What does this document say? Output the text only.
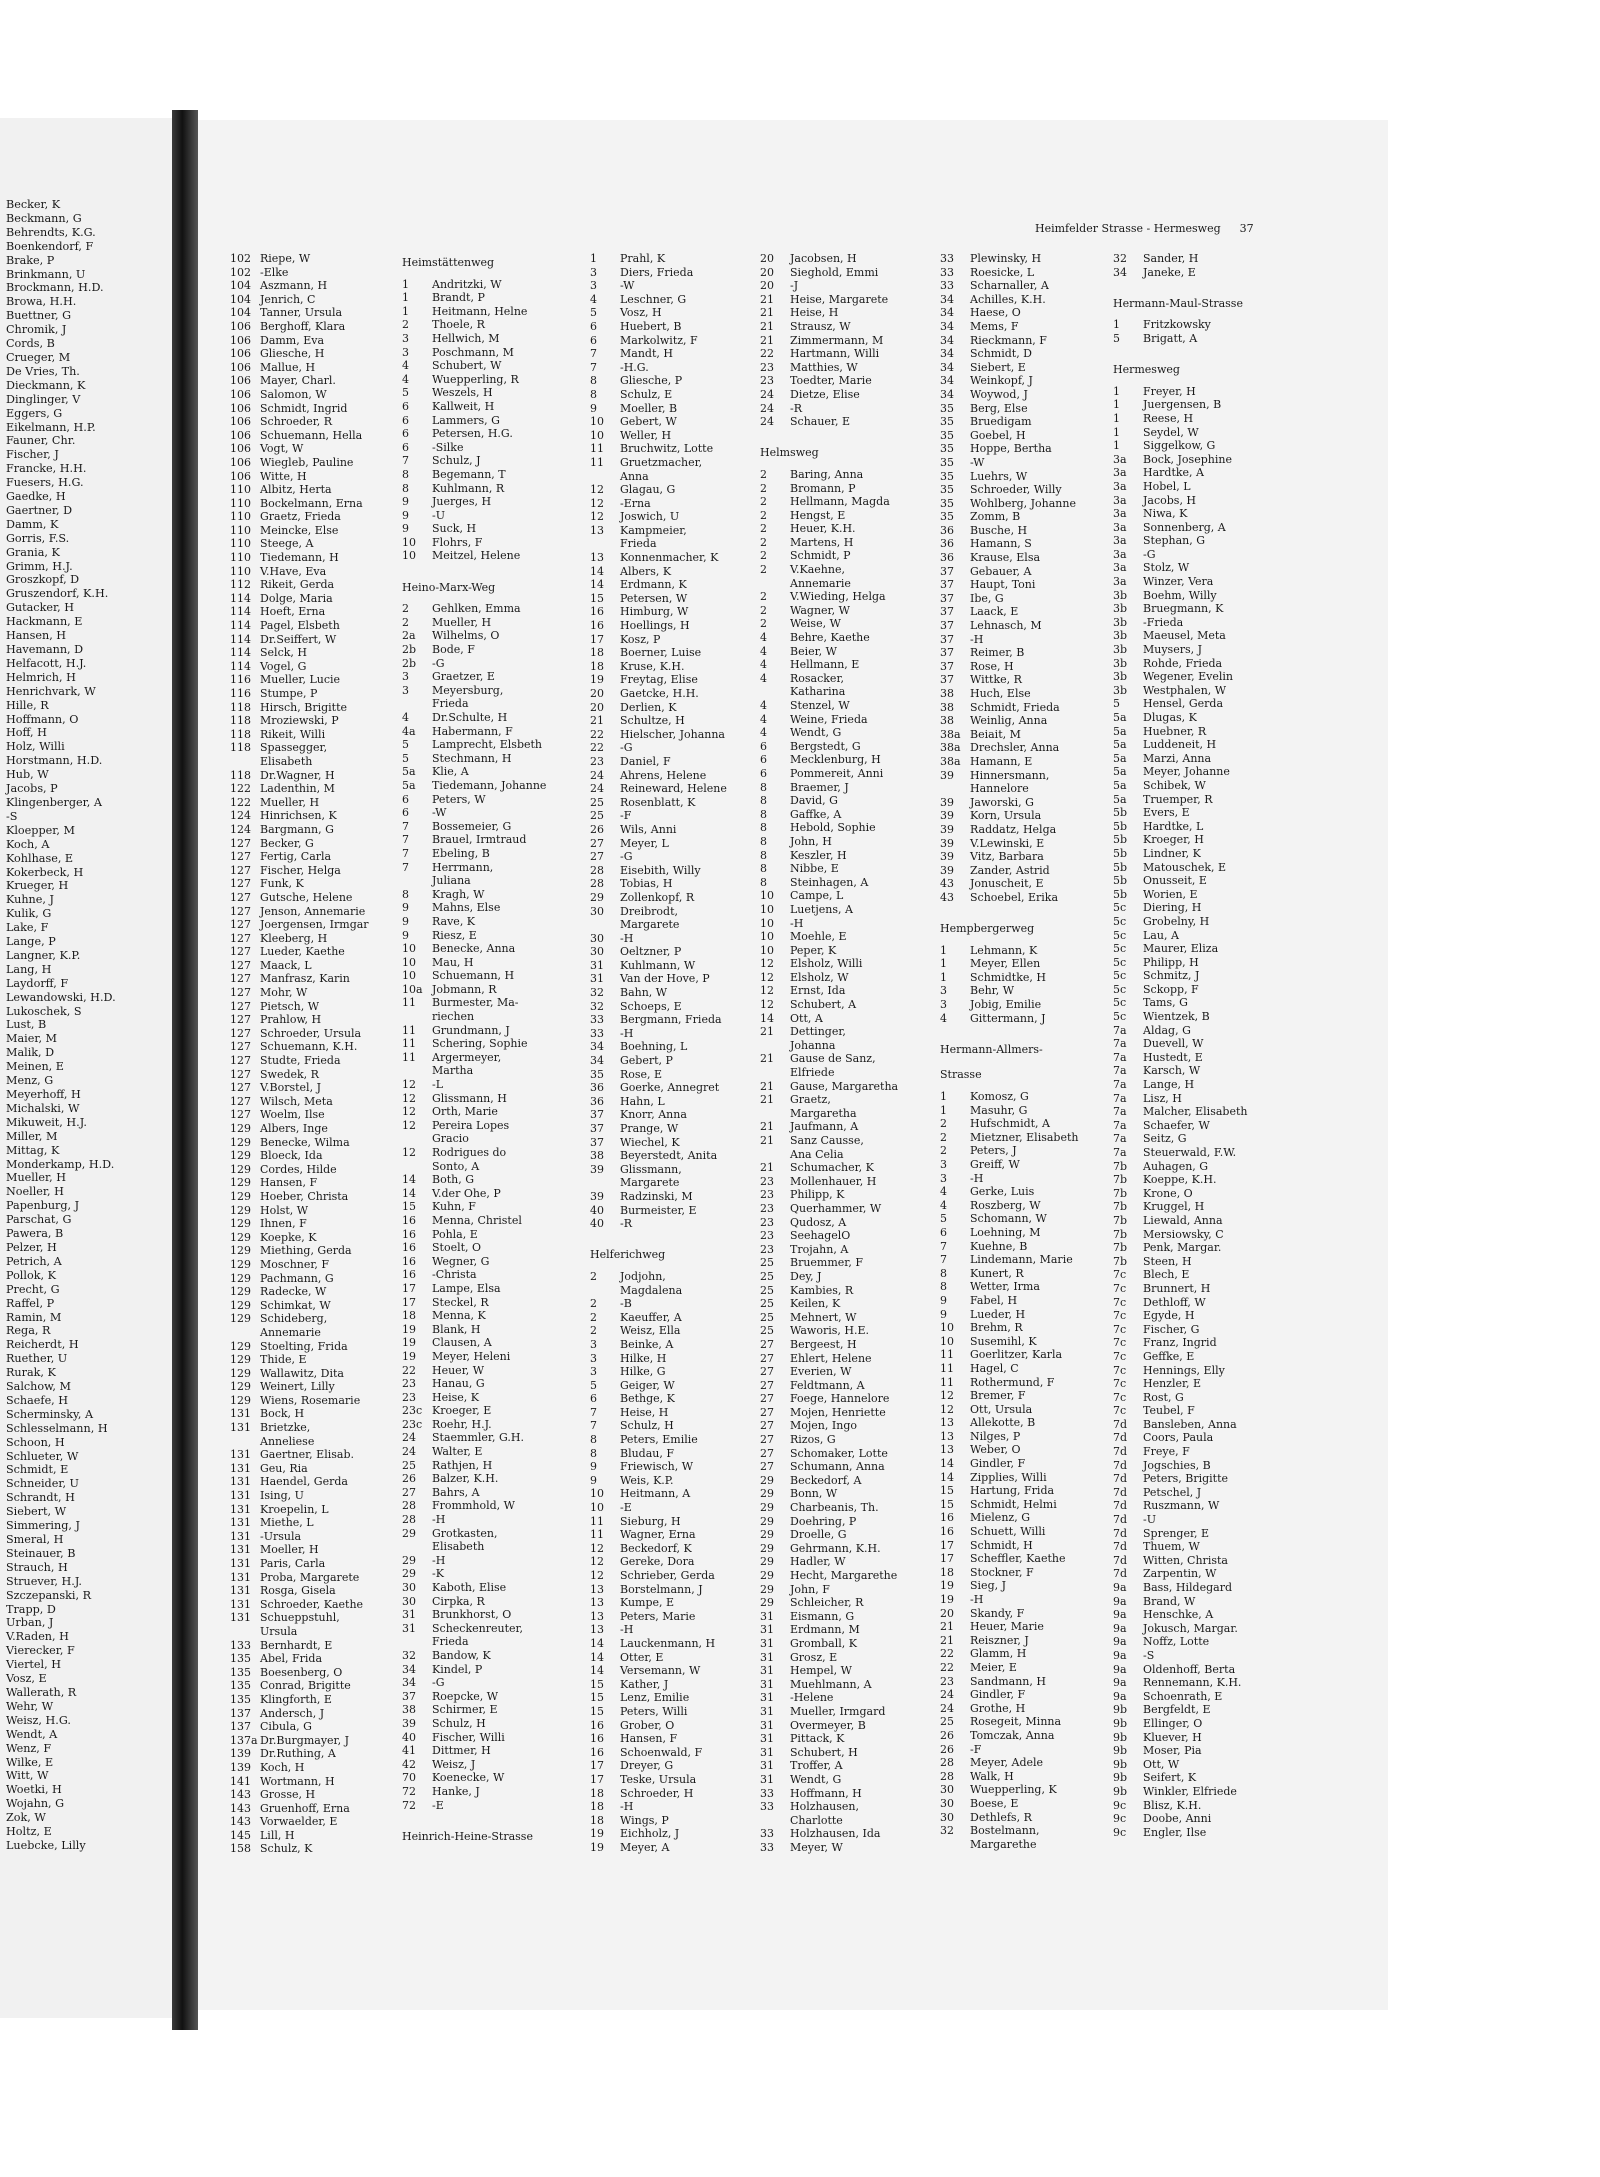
Becker, K
Beckmann, G
Behrendts, K.G.
Boenkendorf, F
Brake, P
Brinkmann, U
Brockmann, H.D.
Browa, H.H.
Buettner, G
Chromik, J
Cords, B
Crueger, M
De Vries, Th.
Dieckmann, K
Dinglinger, V
Eggers, G
Eikelmann, H.P.
Fauner, Chr.
Fischer, J
Francke, H.H.
Fuesers, H.G.
Gaedke, H
Gaertner, D
Damm, K
Gorris, F.S.
Grania, K
Grimm, H.J.
Groszkopf, D
Gruszendorf, K.H.
Gutacker, H
Hackmann, E
Hansen, H
Havemann, D
Helfacott, H.J.
Helmrich, H
Henrichvark, W
Hille, R
Hoffmann, O
Hoff, H
Holz, Willi
Horstmann, H.D.
Hub, W
Jacobs, P
Klingenberger, A
-S
Kloepper, M
Koch, A
Kohlhase, E
Kokerbeck, H
Krueger, H
Kuhne, J
Kulik, G
Lake, F
Lange, P
Langner, K.P.
Lang, H
Laydorff, F
Lewandowski, H.D.
Lukoschek, S
Lust, B
Maier, M
Malik, D
Meinen, E
Menz, G
Meyerhoff, H
Michalski, W
Mikuweit, H.J.
Miller, M
Mittag, K
Monderkamp, H.D.
Mueller, H
Noeller, H
Papenburg, J
Parschat, G
Pawera, B
Pelzer, H
Petrich, A
Pollok, K
Precht, G
Raffel, P
Ramin, M
Rega, R
Reicherdt, H
Ruether, U
Rurak, K
Salchow, M
Schaefe, H
Scherminsky, A
Schlesselmann, H
Schoon, H
Schlueter, W
Schmidt, E
Schneider, U
Schrandt, H
Siebert, W
Simmering, J
Smeral, H
Steinauer, B
Strauch, H
Struever, H.J.
Szczepanski, R
Trapp, D
Urban, J
V.Raden, H
Vierecker, F
Viertel, H
Vosz, E
Wallerath, R
Wehr, W
Weisz, H.G.
Wendt, A
Wenz, F
Wilke, E
Witt, W
Woetki, H
Wojahn, G
Zok, W
Holtz, E
Luebcke, Lilly
Heimfelder Strasse - Hermesweg 37
102 Riepe, W
102 -Elke
104 Aszmann, H
104 Jenrich, C
104 Tanner, Ursula
106 Berghoff, Klara
106 Damm, Eva
106 Gliesche, H
106 Mallue, H
106 Mayer, Charl.
106 Salomon, W
106 Schmidt, Ingrid
106 Schroeder, R
106 Schuemann, Hella
106 Vogt, W
106 Wiegleb, Pauline
106 Witte, H
110 Albitz, Herta
110 Bockelmann, Erna
110 Graetz, Frieda
110 Meincke, Else
110 Steege, A
110 Tiedemann, H
110 V.Have, Eva
112 Rikeit, Gerda
114 Dolge, Maria
114 Hoeft, Erna
114 Pagel, Elsbeth
114 Dr.Seiffert, W
114 Selck, H
114 Vogel, G
116 Mueller, Lucie
116 Stumpe, P
118 Hirsch, Brigitte
118 Mroziewski, P
118 Rikeit, Willi
118 Spassegger,
Elisabeth
118 Dr.Wagner, H
122 Ladenthin, M
122 Mueller, H
124 Hinrichsen, K
124 Bargmann, G
127 Becker, G
127 Fertig, Carla
127 Fischer, Helga
127 Funk, K
127 Gutsche, Helene
127 Jenson, Annemarie
127 Joergensen, Irmgar
127 Kleeberg, H
127 Lueder, Kaethe
127 Maack, L
127 Manfrasz, Karin
127 Mohr, W
127 Pietsch, W
127 Prahlow, H
127 Schroeder, Ursula
127 Schuemann, K.H.
127 Studte, Frieda
127 Swedek, R
127 V.Borstel, J
127 Wilsch, Meta
127 Woelm, Ilse
129 Albers, Inge
129 Benecke, Wilma
129 Bloeck, Ida
129 Cordes, Hilde
129 Hansen, F
129 Hoeber, Christa
129 Holst, W
129 Ihnen, F
129 Koepke, K
129 Miething, Gerda
129 Moschner, F
129 Pachmann, G
129 Radecke, W
129 Schimkat, W
129 Schideberg,
Annemarie
129 Stoelting, Frida
129 Thide, E
129 Wallawitz, Dita
129 Weinert, Lilly
129 Wiens, Rosemarie
131 Bock, H
131 Brietzke,
Anneliese
131 Gaertner, Elisab.
131 Geu, Ria
131 Haendel, Gerda
131 Ising, U
131 Kroepelin, L
131 Miethe, L
131 -Ursula
131 Moeller, H
131 Paris, Carla
131 Proba, Margarete
131 Rosga, Gisela
131 Schroeder, Kaethe
131 Schueppstuhl,
Ursula
133 Bernhardt, E
135 Abel, Frida
135 Boesenberg, O
135 Conrad, Brigitte
135 Klingforth, E
137 Andersch, J
137 Cibula, G
137a Dr.Burgmayer, J
139 Dr.Ruthing, A
139 Koch, H
141 Wortmann, H
143 Grosse, H
143 Gruenhoff, Erna
143 Vorwaelder, E
145 Lill, H
158 Schulz, K
Heimstättenweg
1	Andritzki, W
1	Brandt, P
1	Heitmann, Helne
2	Thoele, R
3	Hellwich, M
3	Poschmann, M
4	Schubert, W
4	Wuepperling, R
5	Weszels, H
6	Kallweit, H
6	Lammers, G
6	Petersen, H.G.
6	-Silke
7	Schulz, J
8	Begemann, T
8	Kuhlmann, R
9	Juerges, H
9	-U
9	Suck, H
10	Flohrs, F
10	Meitzel, Helene
Heino-Marx-Weg
2	Gehlken, Emma
2	Mueller, H
2a	Wilhelms, O
2b	Bode, F
2b	-G
3	Graetzer, E
3	Meyersburg,
Frieda
4	Dr.Schulte, H
4a	Habermann, F
5	Lamprecht, Elsbeth
5	Stechmann, H
5a	Klie, A
5a	Tiedemann, Johanne
6	Peters, W
6	-W
7	Bossemeier, G
7	Brauel, Irmtraud
7	Ebeling, B
7	Herrmann,
Juliana
8	Kragh, W
9	Mahns, Else
9	Rave, K
9	Riesz, E
10	Benecke, Anna
10	Mau, H
10	Schuemann, H
10a Jobmann, R
11	Burmester, Ma-
riechen
11	Grundmann, J
11	Schering, Sophie
11	Argermeyer,
Martha
12	-L
12	Glissmann, H
12	Orth, Marie
12	Pereira Lopes
Gracio
12	Rodrigues do
Sonto, A
14	Both, G
14	V.der Ohe, P
15	Kuhn, F
16	Menna, Christel
16	Pohla, E
16	Stoelt, O
16	Wegner, G
16	-Christa
17	Lampe, Elsa
17	Steckel, R
18	Menna, K
19	Blank, H
19	Clausen, A
19	Meyer, Heleni
22	Heuer, W
23	Hanau, G
23	Heise, K
23c Kroeger, E
23c Roehr, H.J.
24	Staemmler, G.H.
24	Walter, E
25	Rathjen, H
26	Balzer, K.H.
27	Bahrs, A
28	Frommhold, W
28	-H
29	Grotkasten,
Elisabeth
29	-H
29	-K
30	Kaboth, Elise
30	Cirpka, R
31	Brunkhorst, O
31	Scheckenreuter,
Frieda
32	Bandow, K
34	Kindel, P
34	-G
37	Roepcke, W
38	Schirmer, E
39	Schulz, H
40	Fischer, Willi
41	Dittmer, H
42	Weisz, J
70	Koenecke, W
72	Hanke, J
72	-E
Heinrich-Heine-Strasse
1	Prahl, K
3	Diers, Frieda
3	-W
4	Leschner, G
5	Vosz, H
6	Huebert, B
6	Markolwitz, F
7	Mandt, H
7	-H.G.
8	Gliesche, P
8	Schulz, E
9	Moeller, B
10	Gebert, W
10	Weller, H
11	Bruchwitz, Lotte
11	Gruetzmacher,
Anna
12	Glagau, G
12	-Erna
12	Joswich, U
13	Kampmeier,
Frieda
13	Konnenmacher, K
14	Albers, K
14	Erdmann, K
15	Petersen, W
16	Himburg, W
16	Hoellings, H
17	Kosz, P
18	Boerner, Luise
18	Kruse, K.H.
19	Freytag, Elise
20	Gaetcke, H.H.
20	Derlien, K
21	Schultze, H
22	Hielscher, Johanna
22	-G
23	Daniel, F
24	Ahrens, Helene
24	Reineward, Helene
25	Rosenblatt, K
25	-F
26	Wils, Anni
27	Meyer, L
27	-G
28	Eisebith, Willy
28	Tobias, H
29	Zollenkopf, R
30	Dreibrodt,
Margarete
30	-H
30	Oeltzner, P
31	Kuhlmann, W
31	Van der Hove, P
32	Bahn, W
32	Schoeps, E
33	Bergmann, Frieda
33	-H
34	Boehning, L
34	Gebert, P
35	Rose, E
36	Goerke, Annegret
36	Hahn, L
37	Knorr, Anna
37	Prange, W
37	Wiechel, K
38	Beyerstedt, Anita
39	Glissmann,
Margarete
39	Radzinski, M
40	Burmeister, E
40	-R
Helferichweg
2	Jodjohn,
Magdalena
2	-B
2	Kaeuffer, A
2	Weisz, Ella
3	Beinke, A
3	Hilke, H
3	Hilke, G
5	Geiger, W
6	Bethge, K
7	Heise, H
7	Schulz, H
8	Peters, Emilie
8	Bludau, F
9	Friewisch, W
9	Weis, K.P.
10	Heitmann, A
10	-E
11	Sieburg, H
11	Wagner, Erna
12	Beckedorf, K
12	Gereke, Dora
12	Schrieber, Gerda
13	Borstelmann, J
13	Kumpe, E
13	Peters, Marie
13	-H
14	Lauckenmann, H
14	Otter, E
14	Versemann, W
15	Kather, J
15	Lenz, Emilie
15	Peters, Willi
16	Grober, O
16	Hansen, F
16	Schoenwald, F
17	Dreyer, G
17	Teske, Ursula
18	Schroeder, H
18	-H
18	Wings, P
19	Eichholz, J
19	Meyer, A
20	Jacobsen, H
20	Sieghold, Emmi
20	-J
21	Heise, Margarete
21	Heise, H
21	Strausz, W
21	Zimmermann, M
22	Hartmann, Willi
23	Matthies, W
23	Toedter, Marie
24	Dietze, Elise
24	-R
24	Schauer, E
Helmsweg
2	Baring, Anna
2	Bromann, P
2	Hellmann, Magda
2	Hengst, E
2	Heuer, K.H.
2	Martens, H
2	Schmidt, P
2	V.Kaehne,
Annemarie
2	V.Wieding, Helga
2	Wagner, W
2	Weise, W
4	Behre, Kaethe
4	Beier, W
4	Hellmann, E
4	Rosacker,
Katharina
4	Stenzel, W
4	Weine, Frieda
4	Wendt, G
6	Bergstedt, G
6	Mecklenburg, H
6	Pommereit, Anni
8	Braemer, J
8	David, G
8	Gaffke, A
8	Hebold, Sophie
8	John, H
8	Keszler, H
8	Nibbe, E
8	Steinhagen, A
10	Campe, L
10	Luetjens, A
10	-H
10	Moehle, E
10	Peper, K
12	Elsholz, Willi
12	Elsholz, W
12	Ernst, Ida
12	Schubert, A
14	Ott, A
21	Dettinger,
Johanna
21	Gause de Sanz,
Elfriede
21	Gause, Margaretha
21	Graetz,
Margaretha
21	Jaufmann, A
21	Sanz Causse,
Ana Celia
21	Schumacher, K
23	Mollenhauer, H
23	Philipp, K
23	Querhammer, W
23	Qudosz, A
23	SeehagelO
23	Trojahn, A
25	Bruemmer, F
25	Dey, J
25	Kambies, R
25	Keilen, K
25	Mehnert, W
25	Waworis, H.E.
27	Bergeest, H
27	Ehlert, Helene
27	Everien, W
27	Feldtmann, A
27	Foege, Hannelore
27	Mojen, Henriette
27	Mojen, Ingo
27	Rizos, G
27	Schomaker, Lotte
27	Schumann, Anna
29	Beckedorf, A
29	Bonn, W
29	Charbeanis, Th.
29	Doehring, P
29	Droelle, G
29	Gehrmann, K.H.
29	Hadler, W
29	Hecht, Margarethe
29	John, F
29	Schleicher, R
31	Eismann, G
31	Erdmann, M
31	Gromball, K
31	Grosz, E
31	Hempel, W
31	Muehlmann, A
31	-Helene
31	Mueller, Irmgard
31	Overmeyer, B
31	Pittack, K
31	Schubert, H
31	Troffer, A
31	Wendt, G
33	Hoffmann, H
33	Holzhausen,
Charlotte
33	Holzhausen, Ida
33	Meyer, W
33	Plewinsky, H
33	Roesicke, L
33	Scharnaller, A
34	Achilles, K.H.
34	Haese, O
34	Mems, F
34	Rieckmann, F
34	Schmidt, D
34	Siebert, E
34	Weinkopf, J
34	Woywod, J
35	Berg, Else
35	Bruedigam
35	Goebel, H
35	Hoppe, Bertha
35	-W
35	Luehrs, W
35	Schroeder, Willy
35	Wohlberg, Johanne
35	Zomm, B
36	Busche, H
36	Hamann, S
36	Krause, Elsa
37	Gebauer, A
37	Haupt, Toni
37	Ibe, G
37	Laack, E
37	Lehnasch, M
37	-H
37	Reimer, B
37	Rose, H
37	Wittke, R
38	Huch, Else
38	Schmidt, Frieda
38	Weinlig, Anna
38a Beiait, M
38a Drechsler, Anna
38a Hamann, E
39	Hinnersmann,
Hannelore
39	Jaworski, G
39	Korn, Ursula
39	Raddatz, Helga
39	V.Lewinski, E
39	Vitz, Barbara
39	Zander, Astrid
43	Jonuscheit, E
43	Schoebel, Erika
Hempbergerweg
1	Lehmann, K
1	Meyer, Ellen
1	Schmidtke, H
3	Behr, W
3	Jobig, Emilie
4	Gittermann, J
Hermann-Allmers-
Strasse
1	Komosz, G
1	Masuhr, G
2	Hufschmidt, A
2	Mietzner, Elisabeth
2	Peters, J
3	Greiff, W
3	-H
4	Gerke, Luis
4	Roszberg, W
5	Schomann, W
6	Loehning, M
7	Kuehne, B
7	Lindemann, Marie
8	Kunert, R
8	Wetter, Irma
9	Fabel, H
9	Lueder, H
10	Brehm, R
10	Susemihl, K
11	Goerlitzer, Karla
11	Hagel, C
11	Rothermund, F
12	Bremer, F
12	Ott, Ursula
13	Allekotte, B
13	Nilges, P
13	Weber, O
14	Gindler, F
14	Zipplies, Willi
15	Hartung, Frida
15	Schmidt, Helmi
16	Mielenz, G
16	Schuett, Willi
17	Schmidt, H
17	Scheffler, Kaethe
18	Stockner, F
19	Sieg, J
19	-H
20	Skandy, F
21	Heuer, Marie
21	Reiszner, J
22	Glamm, H
22	Meier, E
23	Sandmann, H
24	Gindler, F
24	Grothe, H
25	Rosegeit, Minna
26	Tomczak, Anna
26	-F
28	Meyer, Adele
28	Walk, H
30	Wuepperling, K
30	Boese, E
30	Dethlefs, R
32	Bostelmann,
Margarethe
32	Sander, H
34	Janeke, E
Hermann-Maul-Strasse
1	Fritzkowsky
5	Brigatt, A
Hermesweg
1	Freyer, H
1	Juergensen, B
1	Reese, H
1	Seydel, W
1	Siggelkow, G
3a	Bock, Josephine
3a	Hardtke, A
3a	Hobel, L
3a	Jacobs, H
3a	Niwa, K
3a	Sonnenberg, A
3a	Stephan, G
3a	-G
3a	Stolz, W
3a	Winzer, Vera
3b	Boehm, Willy
3b	Bruegmann, K
3b	-Frieda
3b	Maeusel, Meta
3b	Muysers, J
3b	Rohde, Frieda
3b	Wegener, Evelin
3b	Westphalen, W
5	Hensel, Gerda
5a	Dlugas, K
5a	Huebner, R
5a	Luddeneit, H
5a	Marzi, Anna
5a	Meyer, Johanne
5a	Schibek, W
5a	Truemper, R
5b	Evers, E
5b	Hardtke, L
5b	Kroeger, H
5b	Lindner, K
5b	Matouschek, E
5b	Onusseit, E
5b	Worien, E
5c	Diering, H
5c	Grobelny, H
5c	Lau, A
5c	Maurer, Eliza
5c	Philipp, H
5c	Schmitz, J
5c	Sckopp, F
5c	Tams, G
5c	Wientzek, B
7a	Aldag, G
7a	Duevell, W
7a	Hustedt, E
7a	Karsch, W
7a	Lange, H
7a	Lisz, H
7a	Malcher, Elisabeth
7a	Schaefer, W
7a	Seitz, G
7a	Steuerwald, F.W.
7b	Auhagen, G
7b	Koeppe, K.H.
7b	Krone, O
7b	Kruggel, H
7b	Liewald, Anna
7b	Mersiowsky, C
7b	Penk, Margar.
7b	Steen, H
7c	Blech, E
7c	Brunnert, H
7c	Dethloff, W
7c	Egyde, H
7c	Fischer, G
7c	Franz, Ingrid
7c	Geffke, E
7c	Hennings, Elly
7c	Henzler, E
7c	Rost, G
7c	Teubel, F
7d	Bansleben, Anna
7d	Coors, Paula
7d	Freye, F
7d	Jogschies, B
7d	Peters, Brigitte
7d	Petschel, J
7d	Ruszmann, W
7d	-U
7d	Sprenger, E
7d	Thuem, W
7d	Witten, Christa
7d	Zarpentin, W
9a	Bass, Hildegard
9a	Brand, W
9a	Henschke, A
9a	Jokusch, Margar.
9a	Noffz, Lotte
9a	-S
9a	Oldenhoff, Berta
9a	Rennemann, K.H.
9a	Schoenrath, E
9b	Bergfeldt, E
9b	Ellinger, O
9b	Kluever, H
9b	Moser, Pia
9b	Ott, W
9b	Seifert, K
9b	Winkler, Elfriede
9c	Blisz, K.H.
9c	Doobe, Anni
9c	Engler, Ilse
